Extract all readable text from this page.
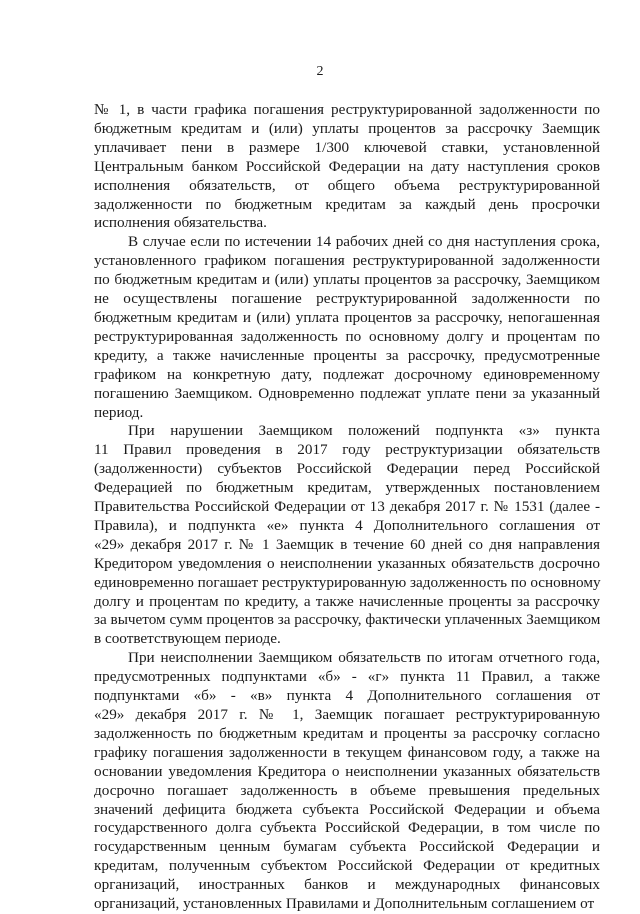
2
№ 1, в части графика погашения реструктурированной задолженности по
бюджетным кредитам и (или) уплаты процентов за рассрочку Заемщик
уплачивает пени в размере 1/300 ключевой ставки, установленной
Центральным банком Российской Федерации на дату наступления сроков
исполнения обязательств, от общего объема реструктурированной
задолженности по бюджетным кредитам за каждый день просрочки
исполнения обязательства.
В случае если по истечении 14 рабочих дней со дня наступления срока,
установленного графиком погашения реструктурированной задолженности
по бюджетным кредитам и (или) уплаты процентов за рассрочку, Заемщиком
не осуществлены погашение реструктурированной задолженности по
бюджетным кредитам и (или) уплата процентов за рассрочку, непогашенная
реструктурированная задолженность по основному долгу и процентам по
кредиту, а также начисленные проценты за рассрочку, предусмотренные
графиком на конкретную дату, подлежат досрочному единовременному
погашению Заемщиком. Одновременно подлежат уплате пени за указанный
период.
При нарушении Заемщиком положений подпункта «з» пункта
11 Правил проведения в 2017 году реструктуризации обязательств
(задолженности) субъектов Российской Федерации перед Российской
Федерацией по бюджетным кредитам, утвержденных постановлением
Правительства Российской Федерации от 13 декабря 2017 г. № 1531 (далее -
Правила), и подпункта «е» пункта 4 Дополнительного соглашения от
«29» декабря 2017 г. № 1 Заемщик в течение 60 дней со дня направления
Кредитором уведомления о неисполнении указанных обязательств досрочно
единовременно погашает реструктурированную задолженность по основному
долгу и процентам по кредиту, а также начисленные проценты за рассрочку
за вычетом сумм процентов за рассрочку, фактически уплаченных Заемщиком
в соответствующем периоде.
При неисполнении Заемщиком обязательств по итогам отчетного года,
предусмотренных подпунктами «б» - «г» пункта 11 Правил, а также
подпунктами «б» - «в» пункта 4 Дополнительного соглашения от
«29» декабря 2017 г. № 1, Заемщик погашает реструктурированную
задолженность по бюджетным кредитам и проценты за рассрочку согласно
графику погашения задолженности в текущем финансовом году, а также на
основании уведомления Кредитора о неисполнении указанных обязательств
досрочно погашает задолженность в объеме превышения предельных
значений дефицита бюджета субъекта Российской Федерации и объема
государственного долга субъекта Российской Федерации, в том числе по
государственным ценным бумагам субъекта Российской Федерации и
кредитам, полученным субъектом Российской Федерации от кредитных
организаций, иностранных банков и международных финансовых
организаций, установленных Правилами и Дополнительным соглашением от
